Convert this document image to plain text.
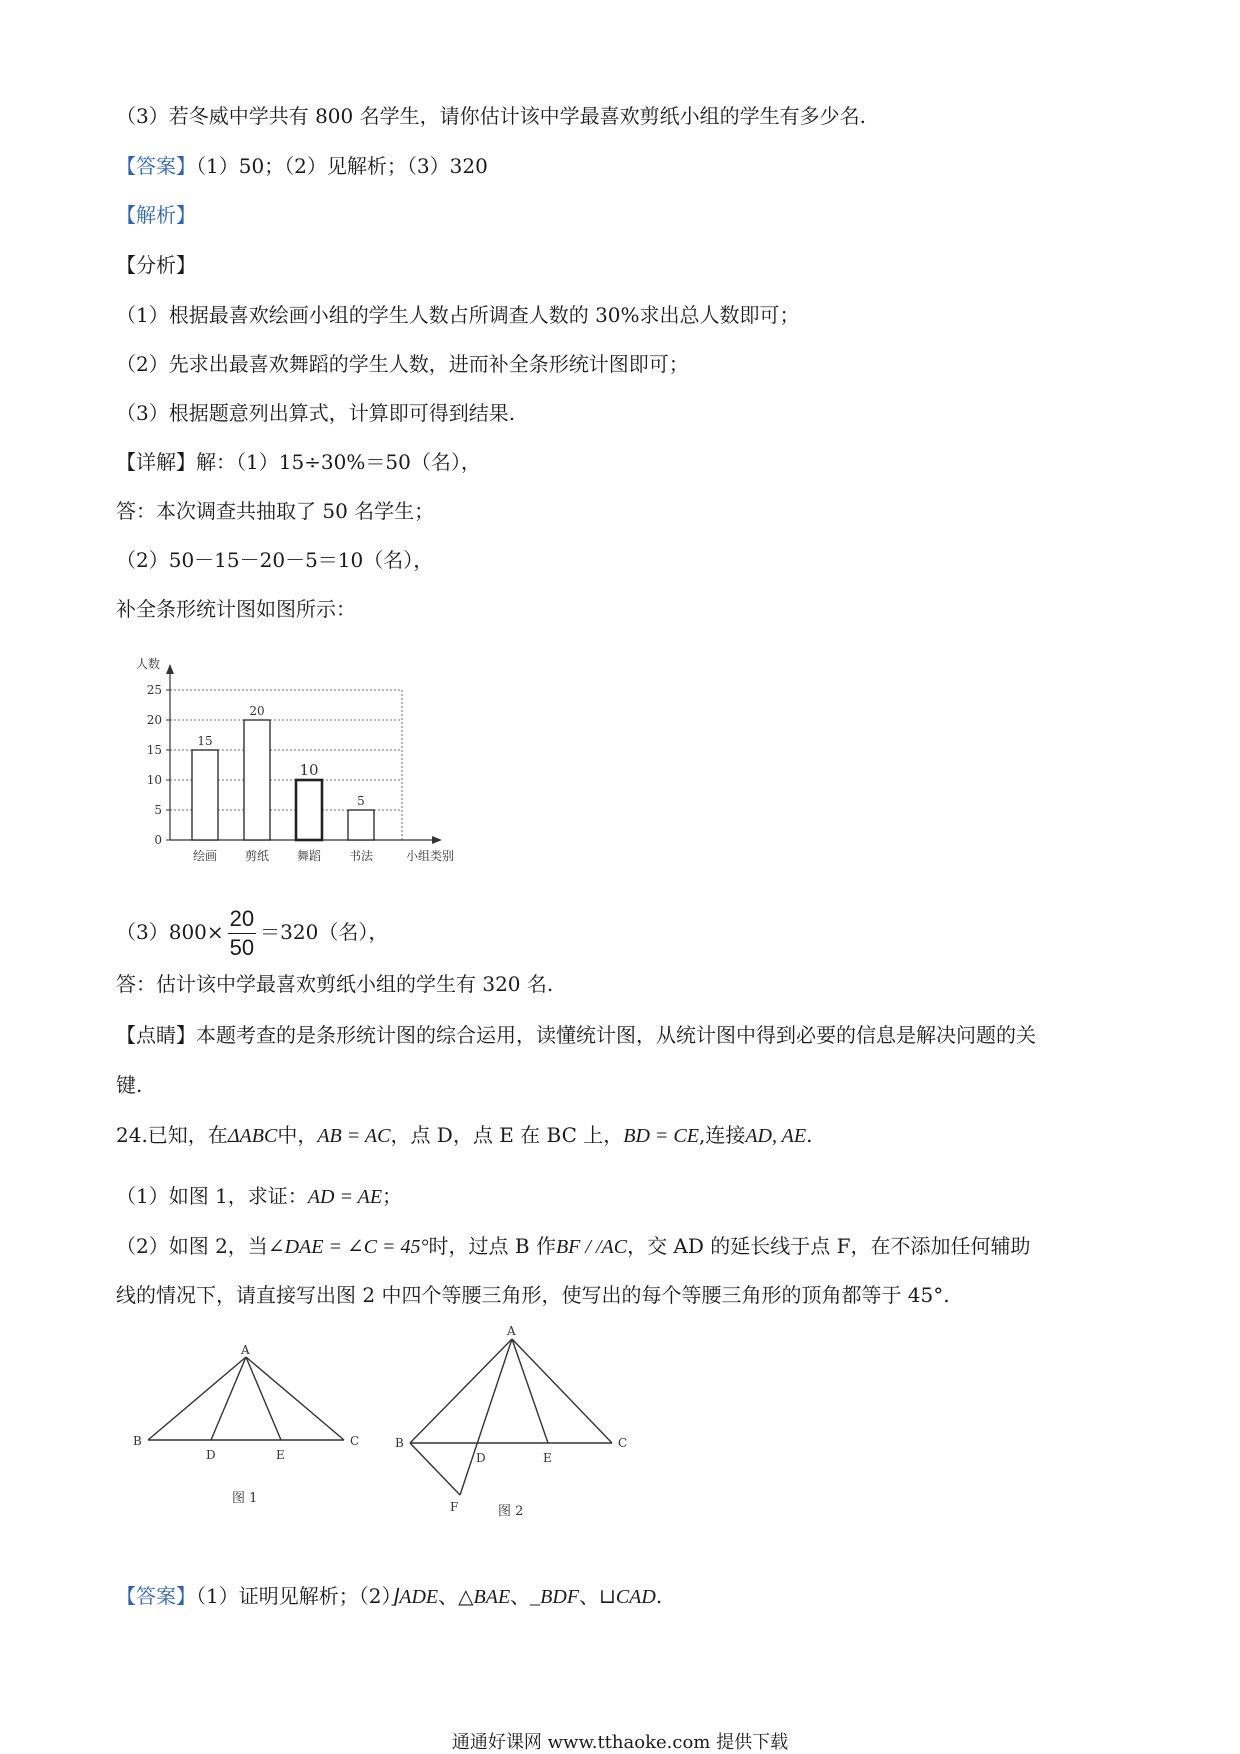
（3）若冬威中学共有 800 名学生，请你估计该中学最喜欢剪纸小组的学生有多少名.
【答案】（1）50；（2）见解析；（3）320
【解析】
【分析】
（1）根据最喜欢绘画小组的学生人数占所调查人数的 30%求出总人数即可；
（2）先求出最喜欢舞蹈的学生人数，进而补全条形统计图即可；
（3）根据题意列出算式，计算即可得到结果.
【详解】解：（1）15÷30%＝50（名），
答：本次调查共抽取了 50 名学生；
（2）50－15－20－5＝10（名），
补全条形统计图如图所示：
0
5
10
15
20
25
人数
小组类别
15
绘画
20
剪纸
10
舞蹈
5
书法
$(3)800\times \frac{20}{50} =320$（名），
答：估计该中学最喜欢剪纸小组的学生有 320 名.
【点睛】本题考查的是条形统计图的综合运用，读懂统计图，从统计图中得到必要的信息是解决问题的关
键.
24.已知，在ΔABC中，AB = AC，点 D，点 E 在 BC 上，BD = CE,连接AD, AE.
（1）如图 1，求证：AD = AE；
（2）如图 2，当∠DAE = ∠C = 45°时，过点 B 作BF / /AC，交 AD 的延长线于点 F，在不添加任何辅助
线的情况下，请直接写出图 2 中四个等腰三角形，使写出的每个等腰三角形的顶角都等于 45°.
A
B	C
D	E
图 1
A
B	C
D	E
F	图 2
【答案】（1）证明见解析；（2）⌋ADE、△BAE、_BDF、⊔CAD.
通通好课网 www.tthaoke.com 提供下载
